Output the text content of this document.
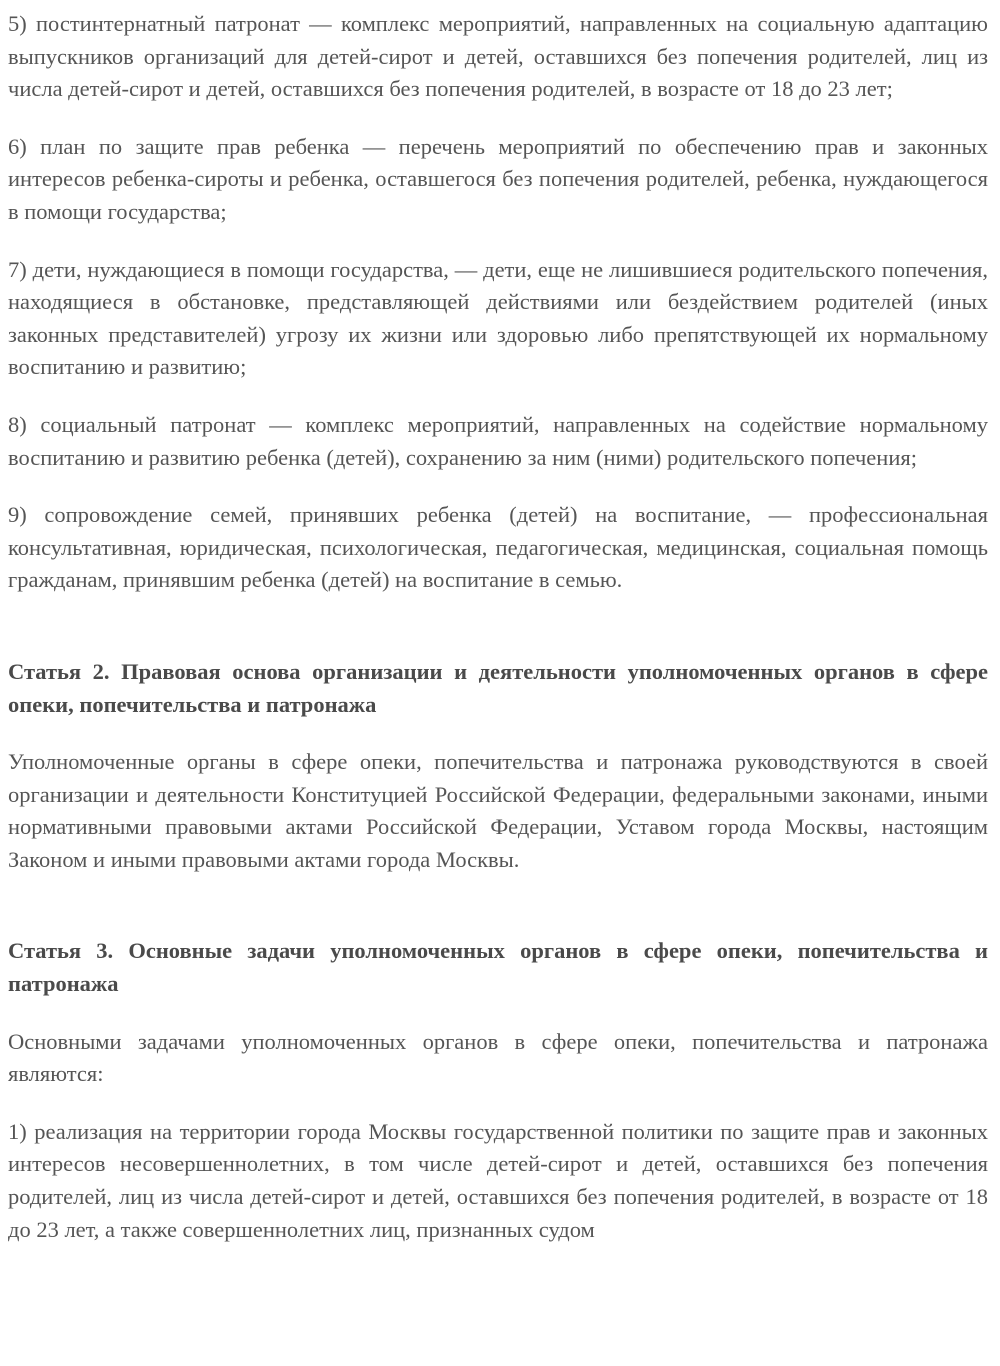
5) постинтернатный патронат — комплекс мероприятий, направленных на социальную адаптацию выпускников организаций для детей-сирот и детей, оставшихся без попечения родителей, лиц из числа детей-сирот и детей, оставшихся без попечения родителей, в возрасте от 18 до 23 лет;

6) план по защите прав ребенка — перечень мероприятий по обеспечению прав и законных интересов ребенка-сироты и ребенка, оставшегося без попечения родителей, ребенка, нуждающегося в помощи государства;

7) дети, нуждающиеся в помощи государства, — дети, еще не лишившиеся родительского попечения, находящиеся в обстановке, представляющей действиями или бездействием родителей (иных законных представителей) угрозу их жизни или здоровью либо препятствующей их нормальному воспитанию и развитию;

8) социальный патронат — комплекс мероприятий, направленных на содействие нормальному воспитанию и развитию ребенка (детей), сохранению за ним (ними) родительского попечения;

9) сопровождение семей, принявших ребенка (детей) на воспитание, — профессиональная консультативная, юридическая, психологическая, педагогическая, медицинская, социальная помощь гражданам, принявшим ребенка (детей) на воспитание в семью.

Статья 2. Правовая основа организации и деятельности уполномоченных органов в сфере опеки, попечительства и патронажа

Уполномоченные органы в сфере опеки, попечительства и патронажа руководствуются в своей организации и деятельности Конституцией Российской Федерации, федеральными законами, иными нормативными правовыми актами Российской Федерации, Уставом города Москвы, настоящим Законом и иными правовыми актами города Москвы.

Статья 3. Основные задачи уполномоченных органов в сфере опеки, попечительства и патронажа

Основными задачами уполномоченных органов в сфере опеки, попечительства и патронажа являются:

1) реализация на территории города Москвы государственной политики по защите прав и законных интересов несовершеннолетних, в том числе детей-сирот и детей, оставшихся без попечения родителей, лиц из числа детей-сирот и детей, оставшихся без попечения родителей, в возрасте от 18 до 23 лет, а также совершеннолетних лиц, признанных судом
